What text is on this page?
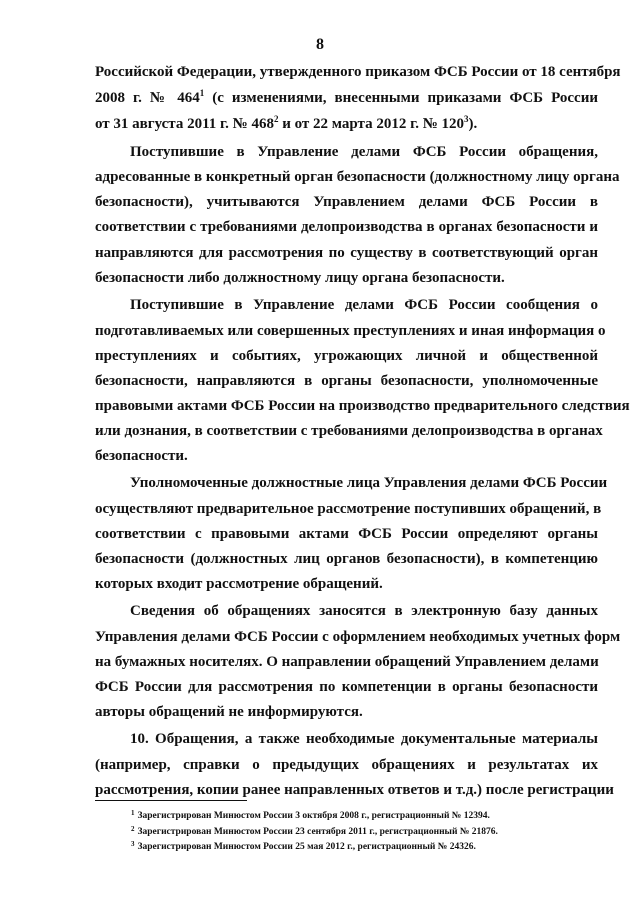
8
Российской Федерации, утвержденного приказом ФСБ России от 18 сентября
2008 г. № $464^1$ (с изменениями, внесенными приказами ФСБ России
от 31 августа 2011 г. № $468^2$ и от 22 марта 2012 г. № $120^3$).
Поступившие в Управление делами ФСБ России обращения,
адресованные в конкретный орган безопасности (должностному лицу органа
безопасности), учитываются Управлением делами ФСБ России в
соответствии с требованиями делопроизводства в органах безопасности и
направляются для рассмотрения по существу в соответствующий орган
безопасности либо должностному лицу органа безопасности.
Поступившие в Управление делами ФСБ России сообщения о
подготавливаемых или совершенных преступлениях и иная информация о
преступлениях и событиях, угрожающих личной и общественной
безопасности, направляются в органы безопасности, уполномоченные
правовыми актами ФСБ России на производство предварительного следствия
или дознания, в соответствии с требованиями делопроизводства в органах
безопасности.
Уполномоченные должностные лица Управления делами ФСБ России
осуществляют предварительное рассмотрение поступивших обращений, в
соответствии с правовыми актами ФСБ России определяют органы
безопасности (должностных лиц органов безопасности), в компетенцию
которых входит рассмотрение обращений.
Сведения об обращениях заносятся в электронную базу данных
Управления делами ФСБ России с оформлением необходимых учетных форм
на бумажных носителях. О направлении обращений Управлением делами
ФСБ России для рассмотрения по компетенции в органы безопасности
авторы обращений не информируются.
10. Обращения, а также необходимые документальные материалы
(например, справки о предыдущих обращениях и результатах их
рассмотрения, копии ранее направленных ответов и т.д.) после регистрации
$^1$ Зарегистрирован Минюстом России 3 октября 2008 г., регистрационный № 12394.
$^2$ Зарегистрирован Минюстом России 23 сентября 2011 г., регистрационный № 21876.
$^3$ Зарегистрирован Минюстом России 25 мая 2012 г., регистрационный № 24326.
